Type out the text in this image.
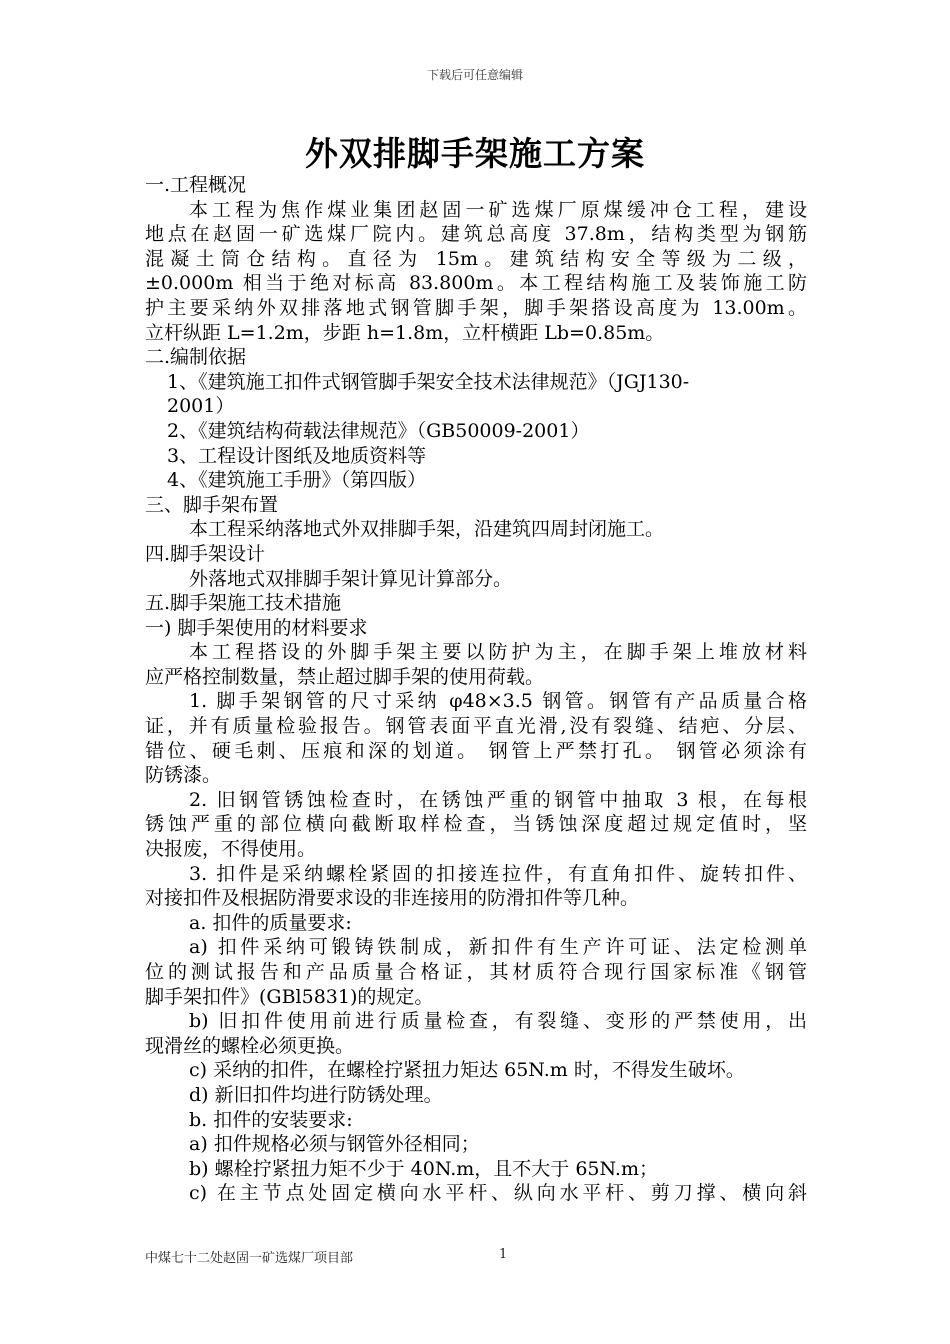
下载后可任意编辑
外双排脚手架施工方案
一.工程概况
本工程为焦作煤业集团赵固一矿选煤厂原煤缓冲仓工程，建设
地点在赵固一矿选煤厂院内。建筑总高度 37.8m，结构类型为钢筋
混凝土筒仓结构。直径为 15m。建筑结构安全等级为二级，
±0.000m 相当于绝对标高 83.800m。本工程结构施工及装饰施工防
护主要采纳外双排落地式钢管脚手架，脚手架搭设高度为 13.00m。
立杆纵距 L=1.2m，步距 h=1.8m，立杆横距 Lb=0.85m。
二.编制依据
1、《建筑施工扣件式钢管脚手架安全技术法律规范》（JGJ130-
2001）
2、《建筑结构荷载法律规范》（GB50009-2001）
3、工程设计图纸及地质资料等
4、《建筑施工手册》（第四版）
三、脚手架布置
本工程采纳落地式外双排脚手架，沿建筑四周封闭施工。
四.脚手架设计
外落地式双排脚手架计算见计算部分。
五.脚手架施工技术措施
一) 脚手架使用的材料要求
本工程搭设的外脚手架主要以防护为主，在脚手架上堆放材料
应严格控制数量，禁止超过脚手架的使用荷载。
1. 脚手架钢管的尺寸采纳 φ48×3.5 钢管。钢管有产品质量合格
证，并有质量检验报告。钢管表面平直光滑,没有裂缝、结疤、分层、
错位、硬毛刺、压痕和深的划道。 钢管上严禁打孔。 钢管必须涂有
防锈漆。
2. 旧钢管锈蚀检查时，在锈蚀严重的钢管中抽取 3 根，在每根
锈蚀严重的部位横向截断取样检查，当锈蚀深度超过规定值时，坚
决报废，不得使用。
3. 扣件是采纳螺栓紧固的扣接连拉件，有直角扣件、旋转扣件、
对接扣件及根据防滑要求设的非连接用的防滑扣件等几种。
a. 扣件的质量要求:
a) 扣件采纳可锻铸铁制成，新扣件有生产许可证、法定检测单
位的测试报告和产品质量合格证，其材质符合现行国家标准《钢管
脚手架扣件》(GBl5831)的规定。
b) 旧扣件使用前进行质量检查，有裂缝、变形的严禁使用，出
现滑丝的螺栓必须更换。
c) 采纳的扣件，在螺栓拧紧扭力矩达 65N.m 时，不得发生破坏。
d) 新旧扣件均进行防锈处理。
b. 扣件的安装要求:
a) 扣件规格必须与钢管外径相同；
b) 螺栓拧紧扭力矩不少于 40N.m，且不大于 65N.m；
c) 在主节点处固定横向水平杆、纵向水平杆、剪刀撑、横向斜
中煤七十二处赵固一矿选煤厂项目部	1
